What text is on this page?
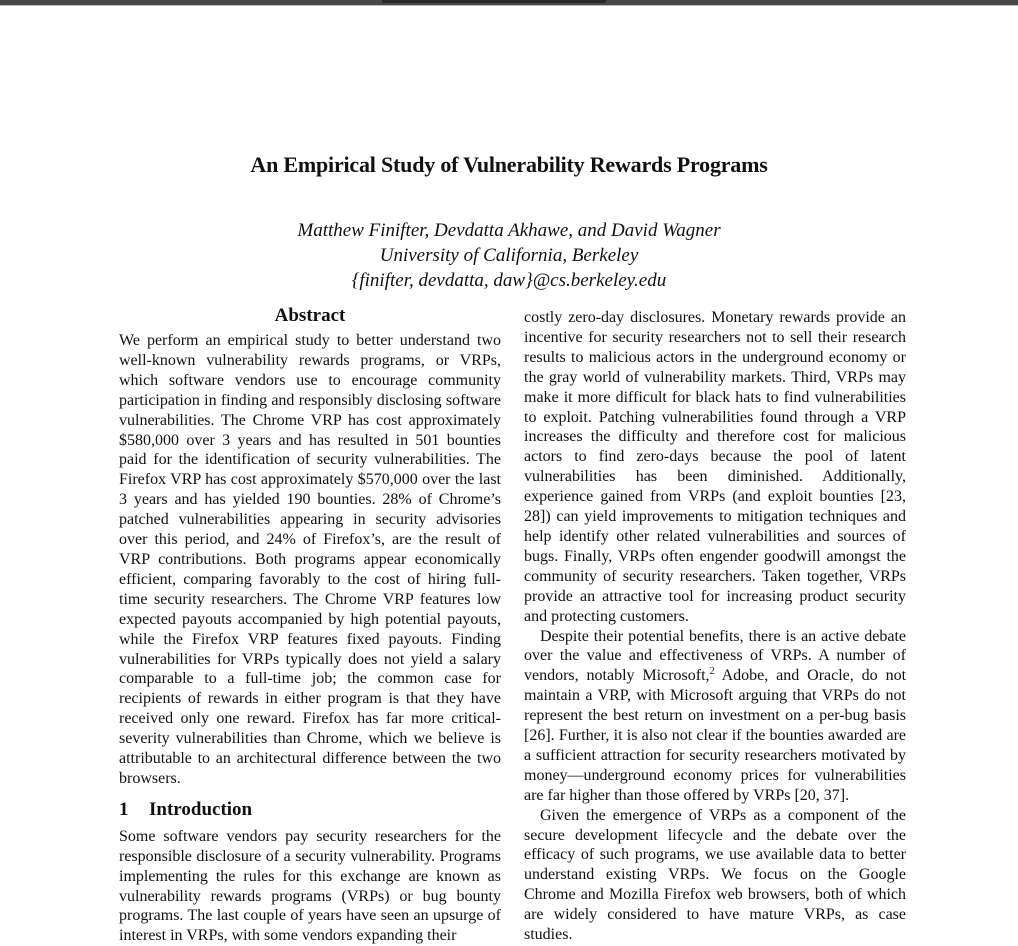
An Empirical Study of Vulnerability Rewards Programs
Matthew Finifter, Devdatta Akhawe, and David Wagner
University of California, Berkeley
{finifter, devdatta, daw}@cs.berkeley.edu
Abstract

We perform an empirical study to better understand two well-known vulnerability rewards programs, or VRPs, which software vendors use to encourage community participation in finding and responsibly disclosing software vulnerabilities. The Chrome VRP has cost approximately $580,000 over 3 years and has resulted in 501 bounties paid for the identification of security vulnerabilities. The Firefox VRP has cost approximately $570,000 over the last 3 years and has yielded 190 bounties. 28% of Chrome’s patched vulnerabilities appearing in security advisories over this period, and 24% of Firefox’s, are the result of VRP contributions. Both programs appear economically efficient, comparing favorably to the cost of hiring full-time security researchers. The Chrome VRP features low expected payouts accompanied by high potential payouts, while the Firefox VRP features fixed payouts. Finding vulnerabilities for VRPs typically does not yield a salary comparable to a full-time job; the common case for recipients of rewards in either program is that they have received only one reward. Firefox has far more critical-severity vulnerabilities than Chrome, which we believe is attributable to an architectural difference between the two browsers.

1 Introduction

Some software vendors pay security researchers for the responsible disclosure of a security vulnerability. Programs implementing the rules for this exchange are known as vulnerability rewards programs (VRPs) or bug bounty programs. The last couple of years have seen an upsurge of interest in VRPs, with some vendors expanding their

costly zero-day disclosures. Monetary rewards provide an incentive for security researchers not to sell their research results to malicious actors in the underground economy or the gray world of vulnerability markets. Third, VRPs may make it more difficult for black hats to find vulnerabilities to exploit. Patching vulnerabilities found through a VRP increases the difficulty and therefore cost for malicious actors to find zero-days because the pool of latent vulnerabilities has been diminished. Additionally, experience gained from VRPs (and exploit bounties [23, 28]) can yield improvements to mitigation techniques and help identify other related vulnerabilities and sources of bugs. Finally, VRPs often engender goodwill amongst the community of security researchers. Taken together, VRPs provide an attractive tool for increasing product security and protecting customers.

Despite their potential benefits, there is an active debate over the value and effectiveness of VRPs. A number of vendors, notably Microsoft,$^2$ Adobe, and Oracle, do not maintain a VRP, with Microsoft arguing that VRPs do not represent the best return on investment on a per-bug basis [26]. Further, it is also not clear if the bounties awarded are a sufficient attraction for security researchers motivated by money—underground economy prices for vulnerabilities are far higher than those offered by VRPs [20, 37].

Given the emergence of VRPs as a component of the secure development lifecycle and the debate over the efficacy of such programs, we use available data to better understand existing VRPs. We focus on the Google Chrome and Mozilla Firefox web browsers, both of which are widely considered to have mature VRPs, as case studies.
